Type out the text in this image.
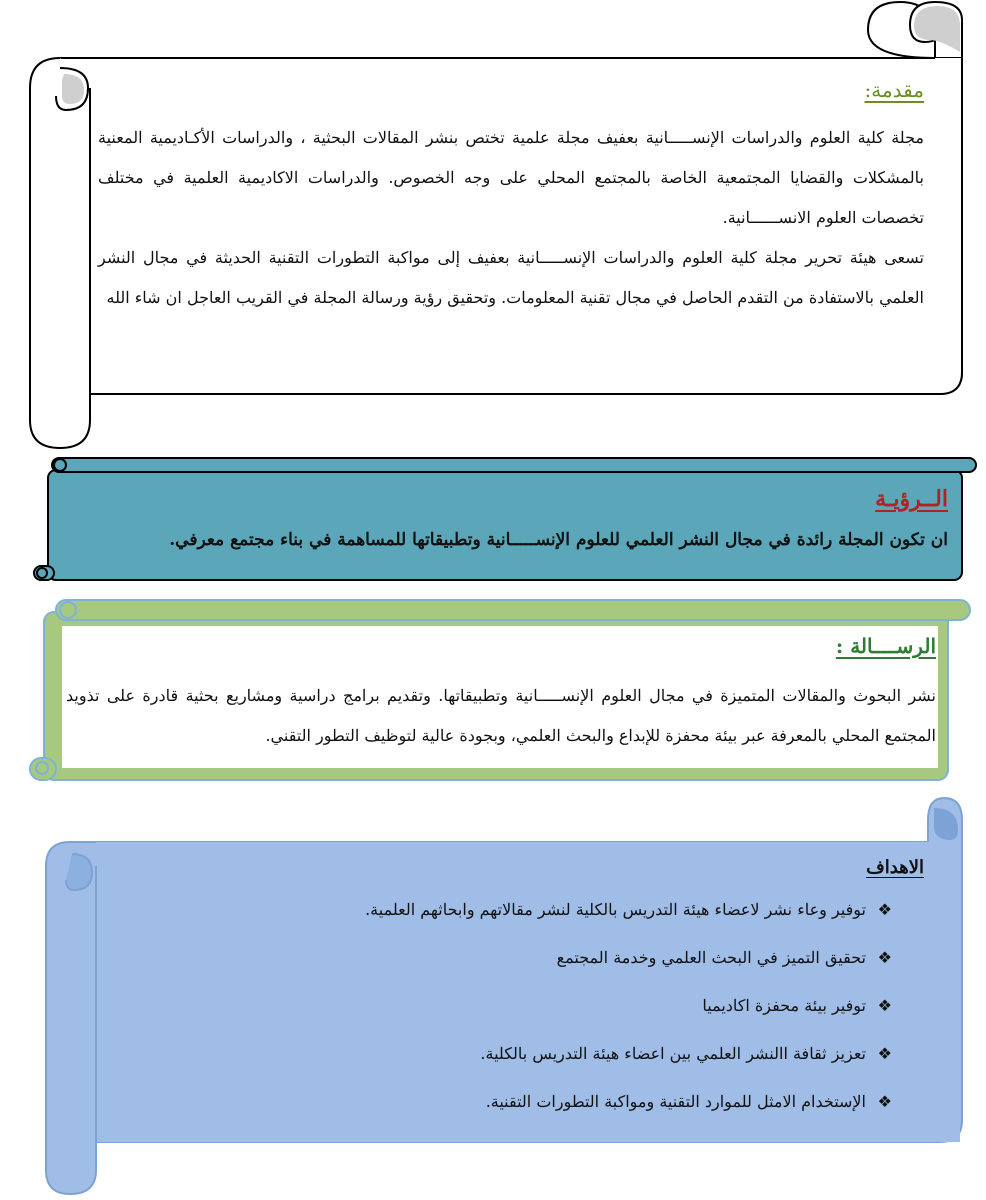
مقدمة:

مجلة كلية العلوم والدراسات الإنســـــانية بعفيف مجلة علمية تختص بنشر المقالات البحثية ، والدراسات الأكـاديمية المعنية بالمشكلات والقضايا المجتمعية الخاصة بالمجتمع المحلي على وجه الخصوص. والدراسات الاكاديمية العلمية في مختلف تخصصات العلوم الانســــــانية.

تسعى هيئة تحرير مجلة كلية العلوم والدراسات الإنســـــانية بعفيف إلى مواكبة التطورات التقنية الحديثة في مجال النشر العلمي بالاستفادة من التقدم الحاصل في مجال تقنية المعلومات. وتحقيق رؤية ورسالة المجلة في القريب العاجل ان شاء الله

الــرؤيـة
ان تكون المجلة رائدة في مجال النشر العلمي للعلوم الإنســـــانية وتطبيقاتها للمساهمة في بناء مجتمع معرفي.
الرســــالة :

نشر البحوث والمقالات المتميزة في مجال العلوم الإنســـــانية وتطبيقاتها. وتقديم برامج دراسية ومشاريع بحثية قادرة على تذويد المجتمع المحلي بالمعرفة عبر بيئة محفزة للإبداع والبحث العلمي، وبجودة عالية لتوظيف التطور التقني.

الاهداف
❖
توفير وعاء نشر لاعضاء هيئة التدريس بالكلية لنشر مقالاتهم وابحاثهم العلمية.
❖
تحقيق التميز في البحث العلمي وخدمة المجتمع
❖
توفير بيئة محفزة اكاديميا
❖
تعزيز ثقافة االنشر العلمي بين اعضاء هيئة التدريس بالكلية.
❖
الإستخدام الامثل للموارد التقنية ومواكبة التطورات التقنية.
